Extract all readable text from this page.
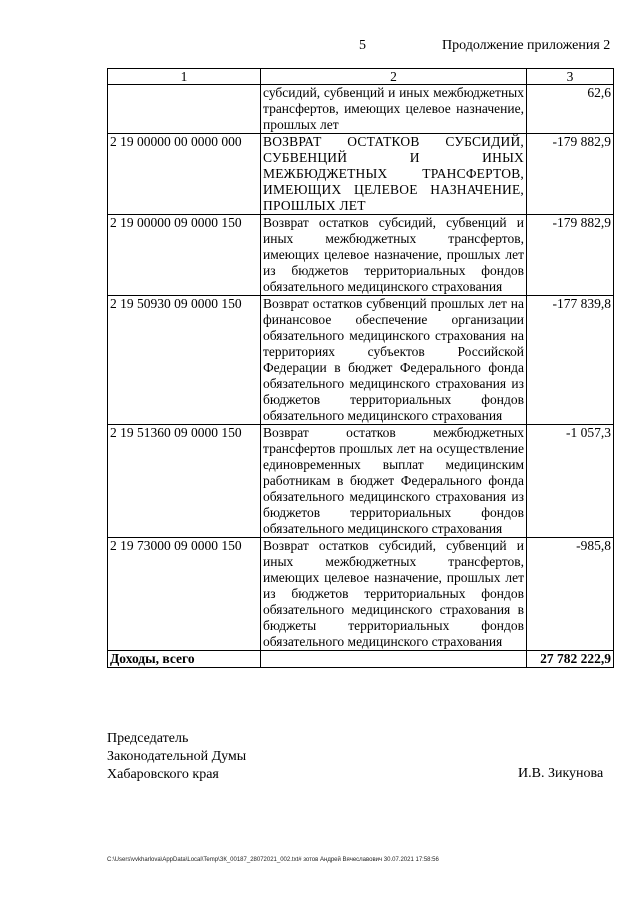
5	Продолжение приложения 2
1	2	3
	субсидий, субвенций и иных межбюджетных трансфертов, имеющих целевое назначение, прошлых лет	62,6
2 19 00000 00 0000 000	ВОЗВРАТ ОСТАТКОВ СУБСИДИЙ, СУБВЕНЦИЙ И ИНЫХ МЕЖБЮДЖЕТНЫХ ТРАНСФЕРТОВ, ИМЕЮЩИХ ЦЕЛЕВОЕ НАЗНАЧЕНИЕ, ПРОШЛЫХ ЛЕТ	-179 882,9
2 19 00000 09 0000 150	Возврат остатков субсидий, субвенций и иных межбюджетных трансфертов, имеющих целевое назначение, прошлых лет из бюджетов территориальных фондов обязательного медицинского страхования	-179 882,9
2 19 50930 09 0000 150	Возврат остатков субвенций прошлых лет на финансовое обеспечение организации обязательного медицинского страхования на территориях субъектов Российской Федерации в бюджет Федерального фонда обязательного медицинского страхования из бюджетов территориальных фондов обязательного медицинского страхования	-177 839,8
2 19 51360 09 0000 150	Возврат остатков межбюджетных трансфертов прошлых лет на осуществление единовременных выплат медицинским работникам в бюджет Федерального фонда обязательного медицинского страхования из бюджетов территориальных фондов обязательного медицинского страхования	-1 057,3
2 19 73000 09 0000 150	Возврат остатков субсидий, субвенций и иных межбюджетных трансфертов, имеющих целевое назначение, прошлых лет из бюджетов территориальных фондов обязательного медицинского страхования в бюджеты территориальных фондов обязательного медицинского страхования	-985,8
Доходы, всего		27 782 222,9
Председатель
Законодательной Думы
Хабаровского края	И.В. Зикунова
C:\Users\vvkharlova\AppData\Local\Temp\ЗК_00187_28072021_002.txt# зотов Андрей Вячеславович 30.07.2021 17:58:56
